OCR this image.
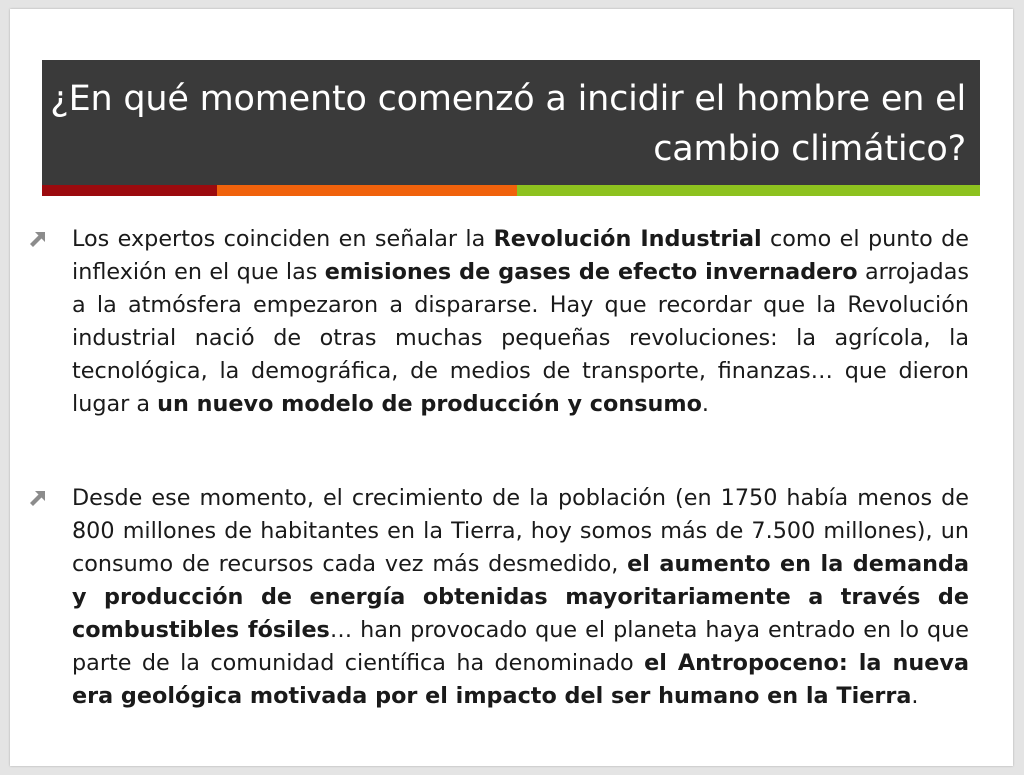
¿En qué momento comenzó a incidir el hombre en el cambio climático?
Los expertos coinciden en señalar la Revolución Industrial como el punto de inflexión en el que las emisiones de gases de efecto invernadero arrojadas a la atmósfera empezaron a dispararse. Hay que recordar que la Revolución industrial nació de otras muchas pequeñas revoluciones: la agrícola, la tecnológica, la demográfica, de medios de transporte, finanzas… que dieron lugar a un nuevo modelo de producción y consumo.
Desde ese momento, el crecimiento de la población (en 1750 había menos de 800 millones de habitantes en la Tierra, hoy somos más de 7.500 millones), un consumo de recursos cada vez más desmedido, el aumento en la demanda y producción de energía obtenidas mayoritariamente a través de combustibles fósiles… han provocado que el planeta haya entrado en lo que parte de la comunidad científica ha denominado el Antropoceno: la nueva era geológica motivada por el impacto del ser humano en la Tierra.
